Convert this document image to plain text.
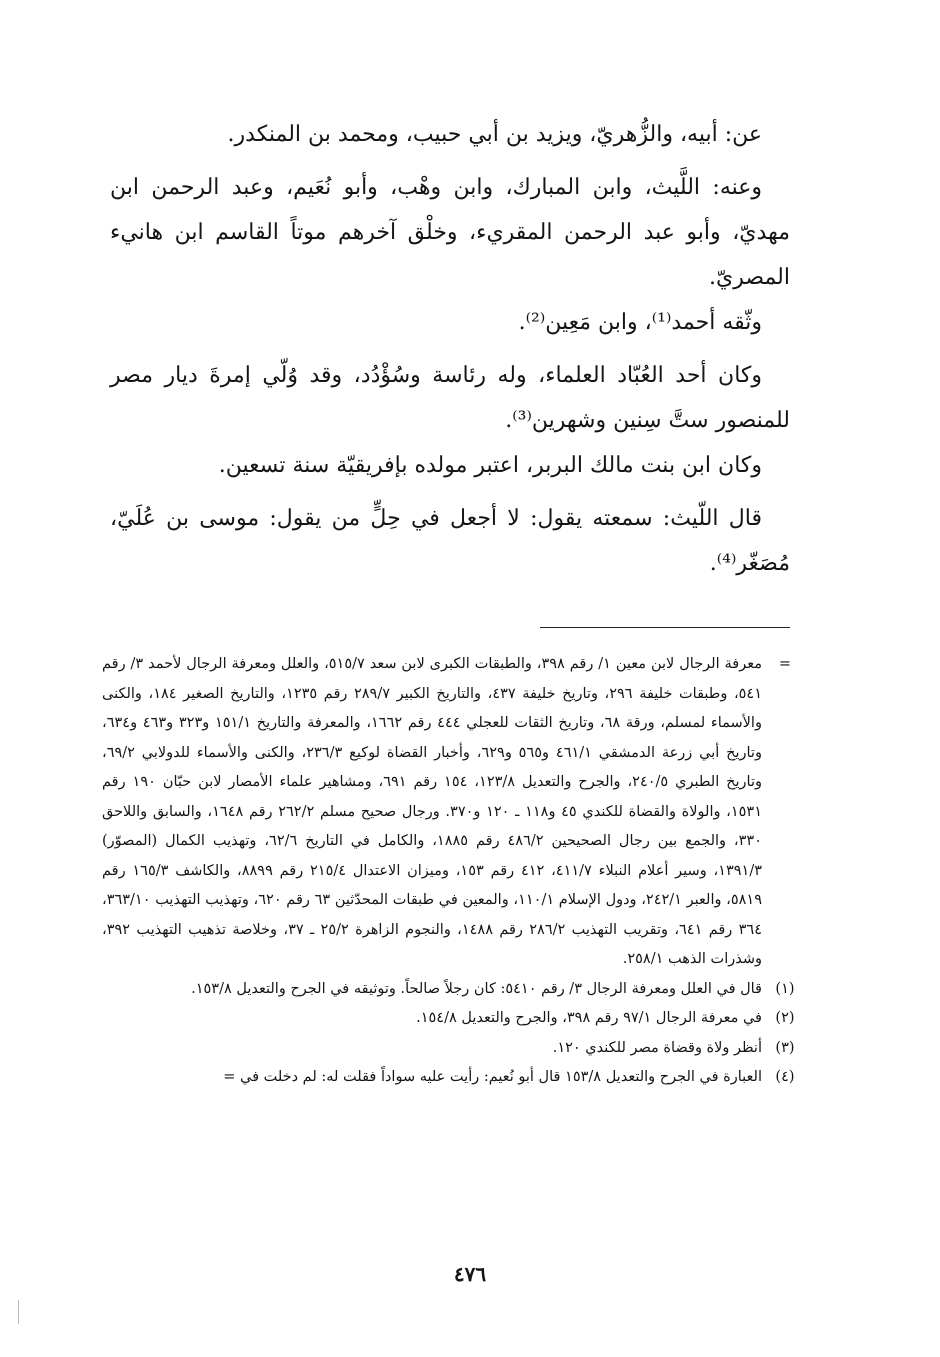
عن: أبيه، والزُّهريّ، ويزيد بن أبي حبيب، ومحمد بن المنكدر.

وعنه: اللَّيث، وابن المبارك، وابن وهْب، وأبو نُعَيم، وعبد الرحمن ابن مهديّ، وأبو عبد الرحمن المقريء، وخلْق آخرهم موتاً القاسم ابن هانيء المصريّ.

وثّقه أحمد⁽¹⁾، وابن مَعِين⁽²⁾.

وكان أحد العُبّاد العلماء، وله رئاسة وسُؤْدُد، وقد وُلّي إمرةَ ديار مصر للمنصور ستَّ سِنين وشهرين⁽³⁾.

وكان ابن بنت مالك البربر، اعتبر مولده بإفريقيّة سنة تسعين.

قال اللّيث: سمعته يقول: لا أجعل في حِلٍّ من يقول: موسى بن عُلَيّ، مُصَغّر⁽⁴⁾.

=
معرفة الرجال لابن معين ١/ رقم ٣٩٨، والطبقات الكبرى لابن سعد ٥١٥/٧، والعلل ومعرفة الرجال لأحمد ٣/ رقم ٥٤١، وطبقات خليفة ٢٩٦، وتاريخ خليفة ٤٣٧، والتاريخ الكبير ٢٨٩/٧ رقم ١٢٣٥، والتاريخ الصغير ١٨٤، والكنى والأسماء لمسلم، ورقة ٦٨، وتاريخ الثقات للعجلي ٤٤٤ رقم ١٦٦٢، والمعرفة والتاريخ ١٥١/١ و٣٢٣ و٤٦٣ و٦٣٤، وتاريخ أبي زرعة الدمشقي ٤٦١/١ و٥٦٥ و٦٢٩، وأخبار القضاة لوكيع ٢٣٦/٣، والكنى والأسماء للدولابي ٦٩/٢، وتاريخ الطبري ٢٤٠/٥، والجرح والتعديل ١٢٣/٨، ١٥٤ رقم ٦٩١، ومشاهير علماء الأمصار لابن حبّان ١٩٠ رقم ١٥٣١، والولاة والقضاة للكندي ٤٥ و١١٨ ـ ١٢٠ و٣٧٠. ورجال صحيح مسلم ٢٦٢/٢ رقم ١٦٤٨، والسابق واللاحق ٣٣٠، والجمع بين رجال الصحيحين ٤٨٦/٢ رقم ١٨٨٥، والكامل في التاريخ ٦٢/٦، وتهذيب الكمال (المصوّر) ١٣٩١/٣، وسير أعلام النبلاء ٤١١/٧، ٤١٢ رقم ١٥٣، وميزان الاعتدال ٢١٥/٤ رقم ٨٨٩٩، والكاشف ١٦٥/٣ رقم ٥٨١٩، والعبر ٢٤٢/١، ودول الإسلام ١١٠/١، والمعين في طبقات المحدّثين ٦٣ رقم ٦٢٠، وتهذيب التهذيب ٣٦٣/١٠، ٣٦٤ رقم ٦٤١، وتقريب التهذيب ٢٨٦/٢ رقم ١٤٨٨، والنجوم الزاهرة ٢٥/٢ ـ ٣٧، وخلاصة تذهيب التهذيب ٣٩٢، وشذرات الذهب ٢٥٨/١.
(١)
قال في العلل ومعرفة الرجال ٣/ رقم ٥٤١٠: كان رجلاً صالحاً. وتوثيقه في الجرح والتعديل ١٥٣/٨.
(٢)
في معرفة الرجال ٩٧/١ رقم ٣٩٨، والجرح والتعديل ١٥٤/٨.
(٣)
أنظر ولاة وقضاة مصر للكندي ١٢٠.
(٤)
العبارة في الجرح والتعديل ١٥٣/٨ قال أبو نُعيم: رأيت عليه سواداً فقلت له: لم دخلت في =
٤٧٦
